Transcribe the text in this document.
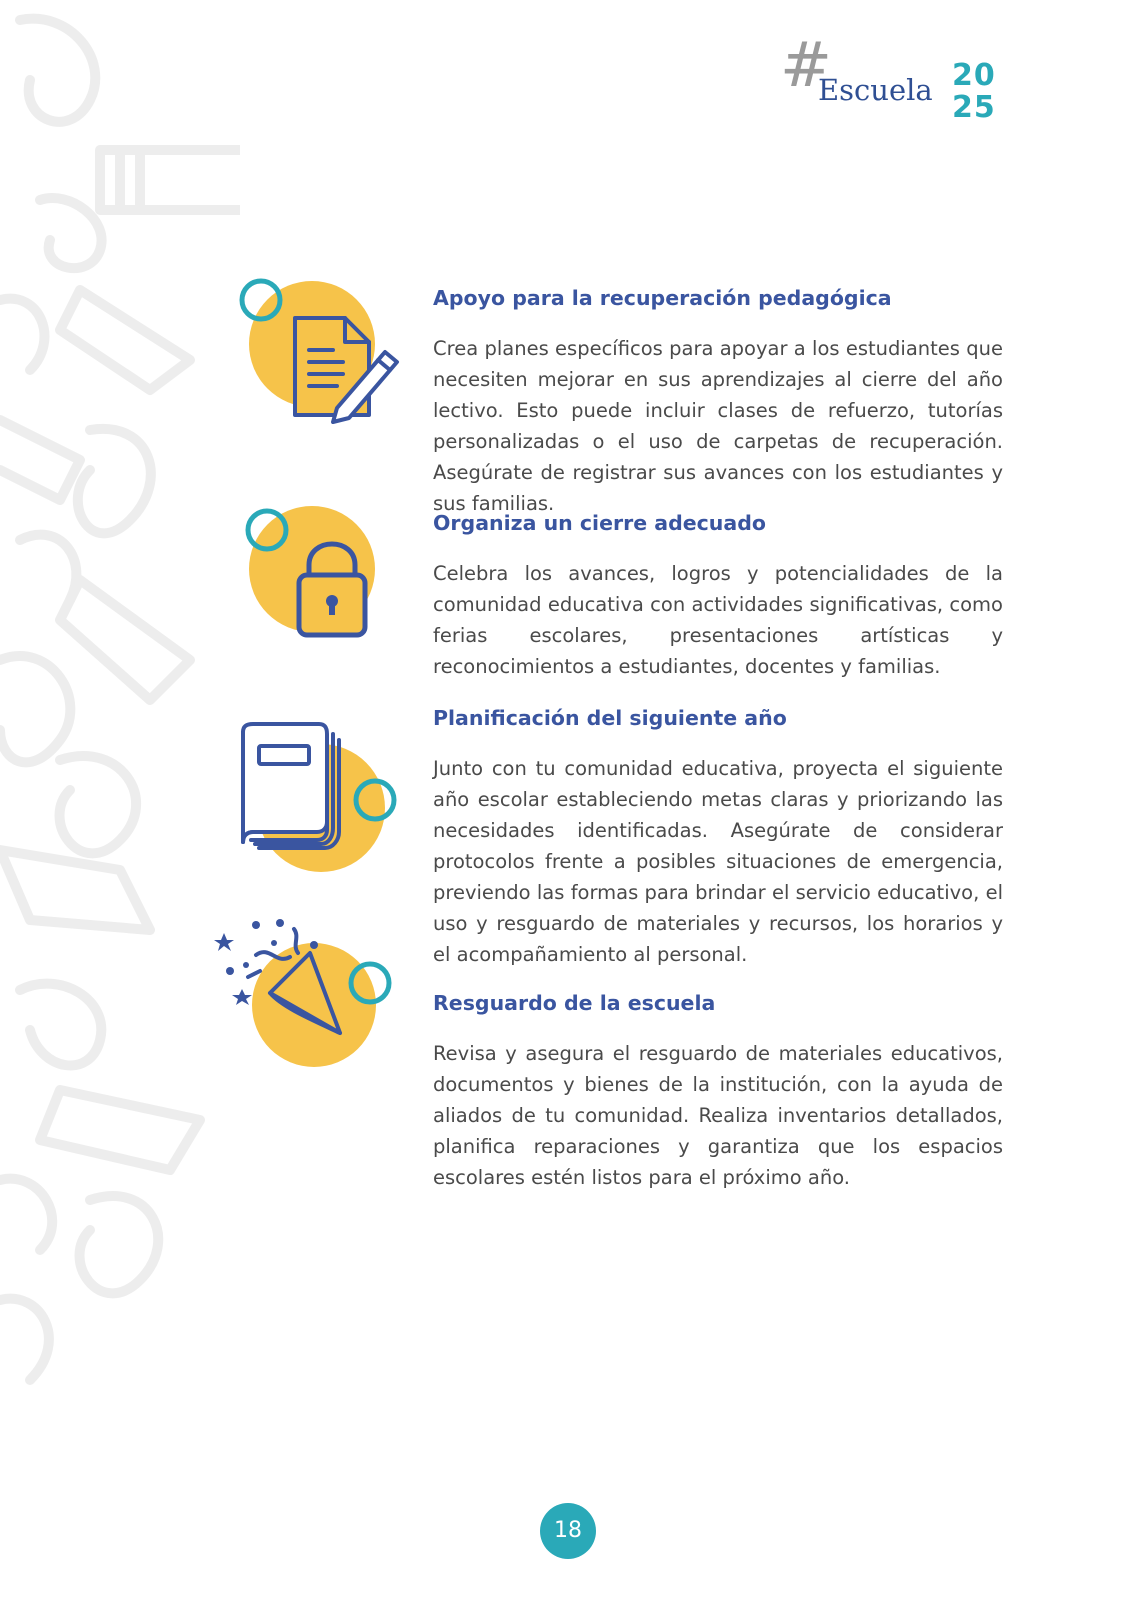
#
Escuela 20
25
Apoyo para la recuperación pedagógica

Crea planes específicos para apoyar a los estudiantes que necesiten mejorar en sus aprendizajes al cierre del año lectivo. Esto puede incluir clases de refuerzo, tutorías personalizadas o el uso de carpetas de recuperación. Asegúrate de registrar sus avances con los estudiantes y sus familias.

Organiza un cierre adecuado

Celebra los avances, logros y potencialidades de la comunidad educativa con actividades significativas, como ferias escolares, presentaciones artísticas y reconocimientos a estudiantes, docentes y familias.

Planificación del siguiente año

Junto con tu comunidad educativa, proyecta el siguiente año escolar estableciendo metas claras y priorizando las necesidades identificadas. Asegúrate de considerar protocolos frente a posibles situaciones de emergencia, previendo las formas para brindar el servicio educativo, el uso y resguardo de materiales y recursos, los horarios y el acompañamiento al personal.

Resguardo de la escuela

Revisa y asegura el resguardo de materiales educativos, documentos y bienes de la institución, con la ayuda de aliados de tu comunidad. Realiza inventarios detallados, planifica reparaciones y garantiza que los espacios escolares estén listos para el próximo año.

18
